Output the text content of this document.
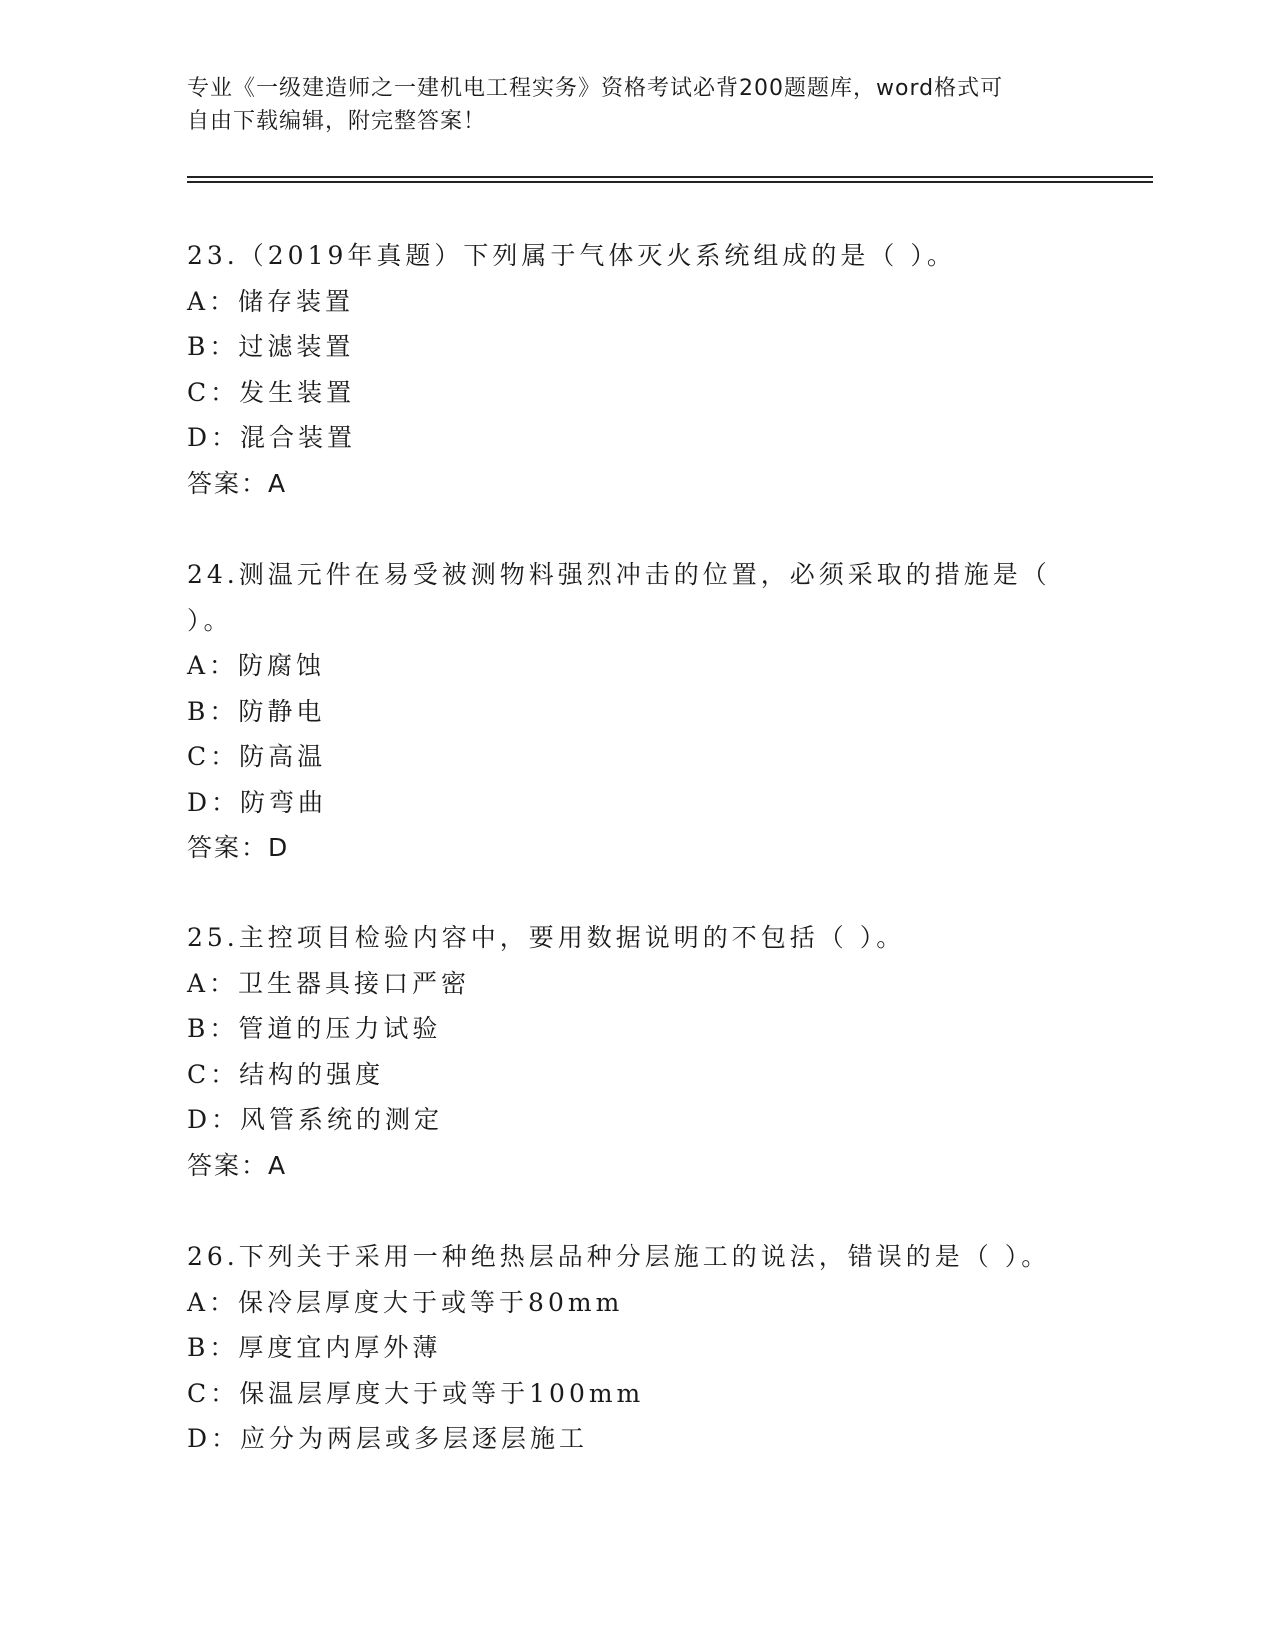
专业《一级建造师之一建机电工程实务》资格考试必背200题题库，word格式可
自由下载编辑，附完整答案！
23.（2019年真题）下列属于气体灭火系统组成的是（ ）。
A：储存装置
B：过滤装置
C：发生装置
D：混合装置
答案：A
24.测温元件在易受被测物料强烈冲击的位置，必须采取的措施是（
）。
A：防腐蚀
B：防静电
C：防高温
D：防弯曲
答案：D
25.主控项目检验内容中，要用数据说明的不包括（ ）。
A：卫生器具接口严密
B：管道的压力试验
C：结构的强度
D：风管系统的测定
答案：A
26.下列关于采用一种绝热层品种分层施工的说法，错误的是（ ）。
A：保冷层厚度大于或等于80mm
B：厚度宜内厚外薄
C：保温层厚度大于或等于100mm
D：应分为两层或多层逐层施工
